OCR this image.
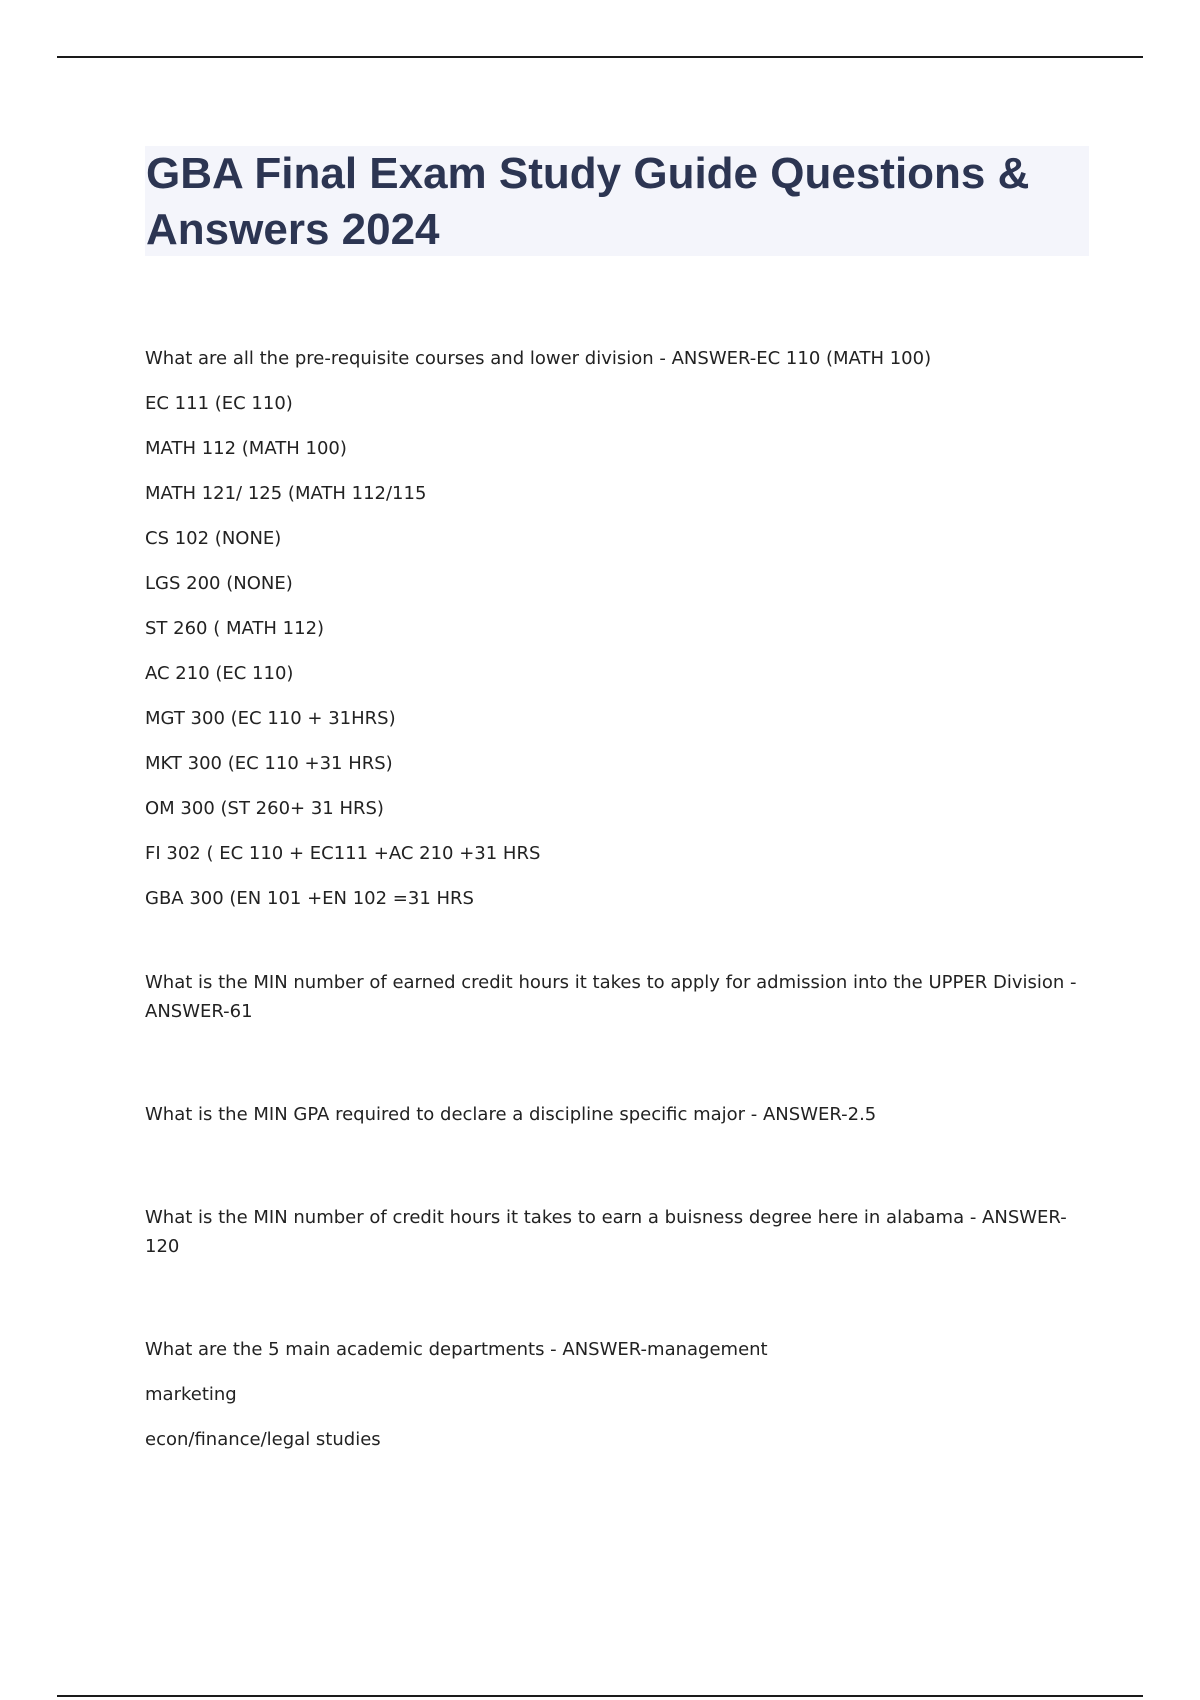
GBA Final Exam Study Guide Questions & Answers 2024

What are all the pre-requisite courses and lower division - ANSWER-EC 110 (MATH 100)

EC 111 (EC 110)

MATH 112 (MATH 100)

MATH 121/ 125 (MATH 112/115

CS 102 (NONE)

LGS 200 (NONE)

ST 260 ( MATH 112)

AC 210 (EC 110)

MGT 300 (EC 110 + 31HRS)

MKT 300 (EC 110 +31 HRS)

OM 300 (ST 260+ 31 HRS)

FI 302 ( EC 110 + EC111 +AC 210 +31 HRS

GBA 300 (EN 101 +EN 102 =31 HRS

What is the MIN number of earned credit hours it takes to apply for admission into the UPPER Division - ANSWER-61

What is the MIN GPA required to declare a discipline specific major - ANSWER-2.5

What is the MIN number of credit hours it takes to earn a buisness degree here in alabama - ANSWER-120

What are the 5 main academic departments - ANSWER-management

marketing

econ/finance/legal studies
